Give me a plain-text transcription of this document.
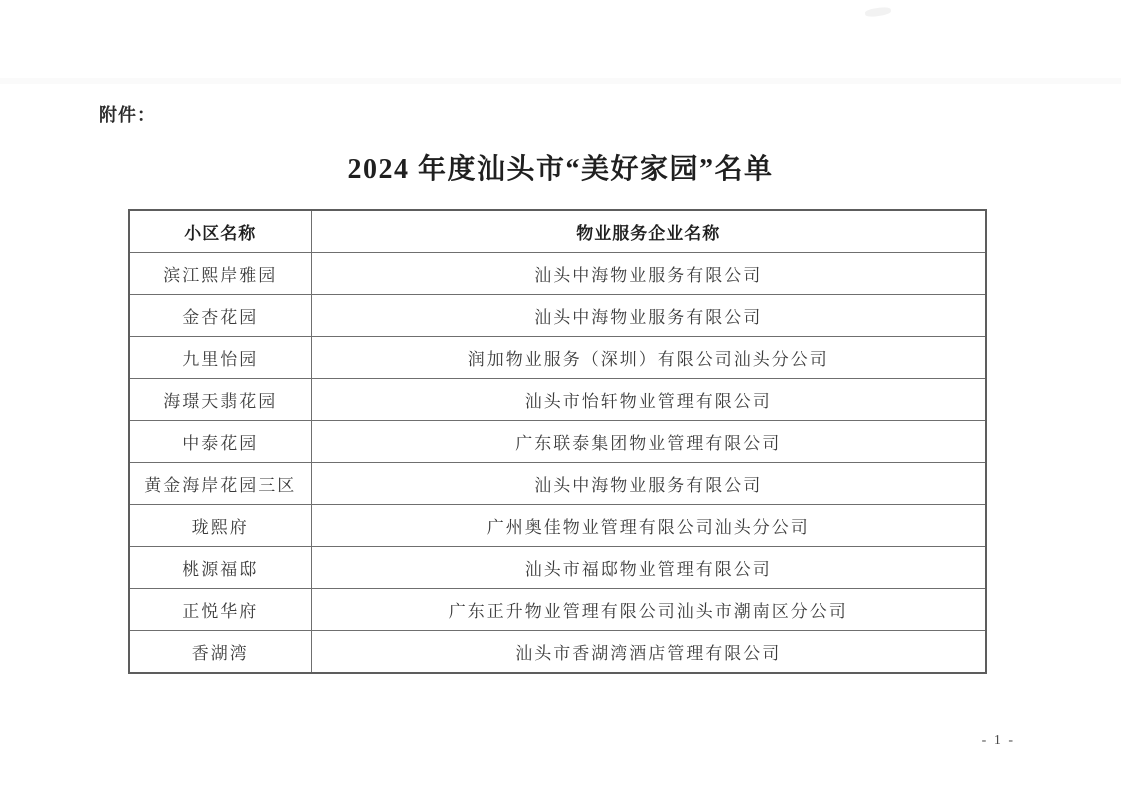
附件：
2024 年度汕头市“美好家园”名单
小区名称	物业服务企业名称
滨江熙岸雅园	汕头中海物业服务有限公司
金杏花园	汕头中海物业服务有限公司
九里怡园	润加物业服务（深圳）有限公司汕头分公司
海璟天翡花园	汕头市怡轩物业管理有限公司
中泰花园	广东联泰集团物业管理有限公司
黄金海岸花园三区	汕头中海物业服务有限公司
珑熙府	广州奥佳物业管理有限公司汕头分公司
桃源福邸	汕头市福邸物业管理有限公司
正悦华府	广东正升物业管理有限公司汕头市潮南区分公司
香湖湾	汕头市香湖湾酒店管理有限公司
- 1 -
